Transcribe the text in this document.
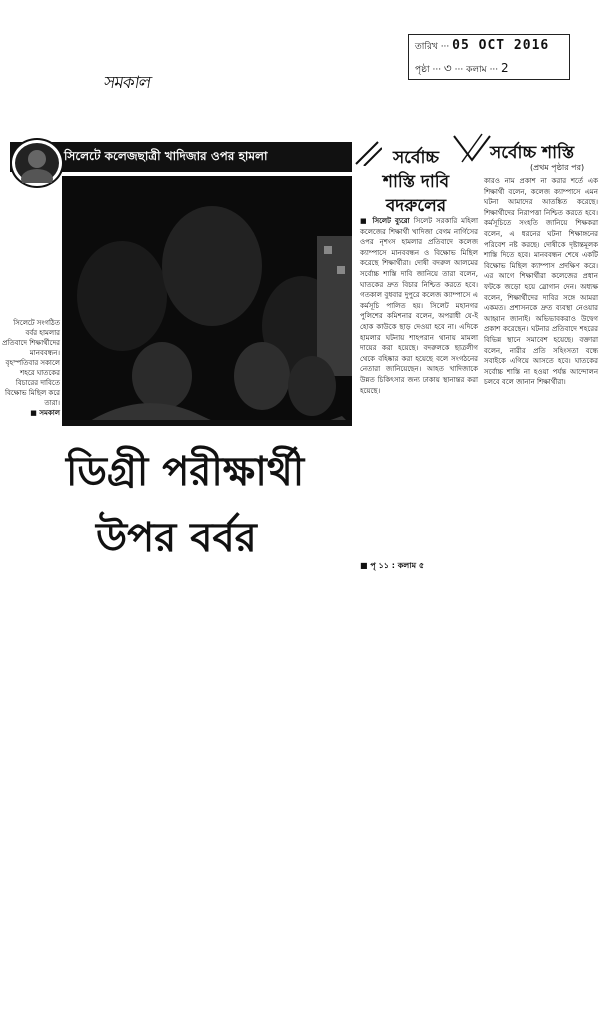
তারিখ ··· 05 OCT 2016
পৃষ্ঠা ··· ৩ ··· কলাম ··· 2
সমকাল
সিলেটে কলেজছাত্রী খাদিজার ওপর হামলা
ডিগ্রী পরীক্ষার্থী
উপর বর্বর
সিলেটে সংগঠিত বর্বর হামলার প্রতিবাদে শিক্ষার্থীদের মানববন্ধন। বৃহস্পতিবার সকালে শহরে ঘাতকের বিচারের দাবিতে বিক্ষোভ মিছিল করে তারা।
■ সমকাল
সর্বোচ্চ
শাস্তি দাবি
বদরুলের
■ সিলেট ব্যুরো সিলেট সরকারি মহিলা কলেজের শিক্ষার্থী খাদিজা বেগম নার্গিসের ওপর নৃশংস হামলার প্রতিবাদে কলেজ ক্যাম্পাসে মানববন্ধন ও বিক্ষোভ মিছিল করেছে শিক্ষার্থীরা। দোষী বদরুল আলমের সর্বোচ্চ শাস্তি দাবি জানিয়ে তারা বলেন, ঘাতকের দ্রুত বিচার নিশ্চিত করতে হবে। গতকাল বুধবার দুপুরে কলেজ ক্যাম্পাসে এ কর্মসূচি পালিত হয়। সিলেট মহানগর পুলিশের কমিশনার বলেন, অপরাধী যে-ই হোক কাউকে ছাড় দেওয়া হবে না। এদিকে হামলার ঘটনায় শাহপরান থানায় মামলা দায়ের করা হয়েছে। বদরুলকে ছাত্রলীগ থেকে বহিষ্কার করা হয়েছে বলে সংগঠনের নেতারা জানিয়েছেন। আহত খাদিজাকে উন্নত চিকিৎসার জন্য ঢাকায় স্থানান্তর করা হয়েছে।
■ পৃ ১১ : কলাম ৫
সর্বোচ্চ শাস্তি
(প্রথম পৃষ্ঠার পর)
কারও নাম প্রকাশ না করার শর্তে এক শিক্ষার্থী বলেন, কলেজ ক্যাম্পাসে এমন ঘটনা আমাদের আতঙ্কিত করেছে। শিক্ষার্থীদের নিরাপত্তা নিশ্চিত করতে হবে। কর্মসূচিতে সংহতি জানিয়ে শিক্ষকরা বলেন, এ ধরনের ঘটনা শিক্ষাঙ্গনের পরিবেশ নষ্ট করছে। দোষীকে দৃষ্টান্তমূলক শাস্তি দিতে হবে। মানববন্ধন শেষে একটি বিক্ষোভ মিছিল ক্যাম্পাস প্রদক্ষিণ করে। এর আগে শিক্ষার্থীরা কলেজের প্রধান ফটকে জড়ো হয়ে স্লোগান দেন। অধ্যক্ষ বলেন, শিক্ষার্থীদের দাবির সঙ্গে আমরা একমত। প্রশাসনকে দ্রুত ব্যবস্থা নেওয়ার আহ্বান জানাই। অভিভাবকরাও উদ্বেগ প্রকাশ করেছেন। ঘটনার প্রতিবাদে শহরের বিভিন্ন স্থানে সমাবেশ হয়েছে। বক্তারা বলেন, নারীর প্রতি সহিংসতা বন্ধে সবাইকে এগিয়ে আসতে হবে। ঘাতকের সর্বোচ্চ শাস্তি না হওয়া পর্যন্ত আন্দোলন চলবে বলে জানান শিক্ষার্থীরা।
